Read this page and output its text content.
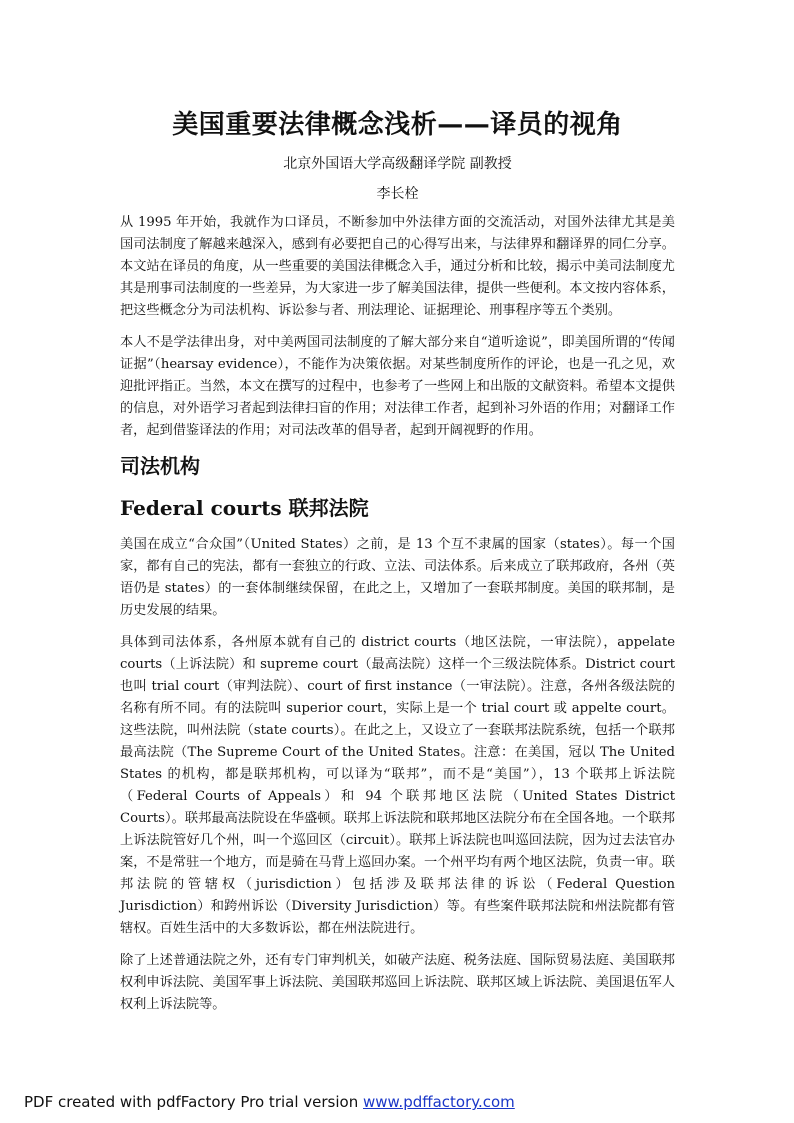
美国重要法律概念浅析——译员的视角

北京外国语大学高级翻译学院 副教授

李长栓

从 1995 年开始，我就作为口译员，不断参加中外法律方面的交流活动，对国外法律尤其是美国司法制度了解越来越深入，感到有必要把自己的心得写出来，与法律界和翻译界的同仁分享。本文站在译员的角度，从一些重要的美国法律概念入手，通过分析和比较，揭示中美司法制度尤其是刑事司法制度的一些差异，为大家进一步了解美国法律，提供一些便利。本文按内容体系，把这些概念分为司法机构、诉讼参与者、刑法理论、证据理论、刑事程序等五个类别。

本人不是学法律出身，对中美两国司法制度的了解大部分来自“道听途说”，即美国所谓的“传闻证据”（hearsay evidence），不能作为决策依据。对某些制度所作的评论，也是一孔之见，欢迎批评指正。当然，本文在撰写的过程中，也参考了一些网上和出版的文献资料。希望本文提供的信息，对外语学习者起到法律扫盲的作用；对法律工作者，起到补习外语的作用；对翻译工作者，起到借鉴译法的作用；对司法改革的倡导者，起到开阔视野的作用。

司法机构
Federal courts 联邦法院

美国在成立“合众国”（United States）之前，是 13 个互不隶属的国家（states）。每一个国家，都有自己的宪法，都有一套独立的行政、立法、司法体系。后来成立了联邦政府，各州（英语仍是 states）的一套体制继续保留，在此之上，又增加了一套联邦制度。美国的联邦制，是历史发展的结果。

具体到司法体系，各州原本就有自己的 district courts（地区法院，一审法院），appelate courts（上诉法院）和 supreme court（最高法院）这样一个三级法院体系。District court 也叫 trial court（审判法院）、court of first instance（一审法院）。注意，各州各级法院的名称有所不同。有的法院叫 superior court，实际上是一个 trial court 或 appelte court。这些法院，叫州法院（state courts）。在此之上，又设立了一套联邦法院系统，包括一个联邦最高法院（The Supreme Court of the United States。注意：在美国，冠以 The United States 的机构，都是联邦机构，可以译为“联邦”，而不是“美国”），13 个联邦上诉法院（Federal Courts of Appeals）和 94 个联邦地区法院（United States District Courts）。联邦最高法院设在华盛顿。联邦上诉法院和联邦地区法院分布在全国各地。一个联邦上诉法院管好几个州，叫一个巡回区（circuit）。联邦上诉法院也叫巡回法院，因为过去法官办案，不是常驻一个地方，而是骑在马背上巡回办案。一个州平均有两个地区法院，负责一审。联邦法院的管辖权（jurisdiction）包括涉及联邦法律的诉讼（Federal Question Jurisdiction）和跨州诉讼（Diversity Jurisdiction）等。有些案件联邦法院和州法院都有管辖权。百姓生活中的大多数诉讼，都在州法院进行。

除了上述普通法院之外，还有专门审判机关，如破产法庭、税务法庭、国际贸易法庭、美国联邦权利申诉法院、美国军事上诉法院、美国联邦巡回上诉法院、联邦区域上诉法院、美国退伍军人权利上诉法院等。

PDF created with pdfFactory Pro trial version www.pdffactory.com
